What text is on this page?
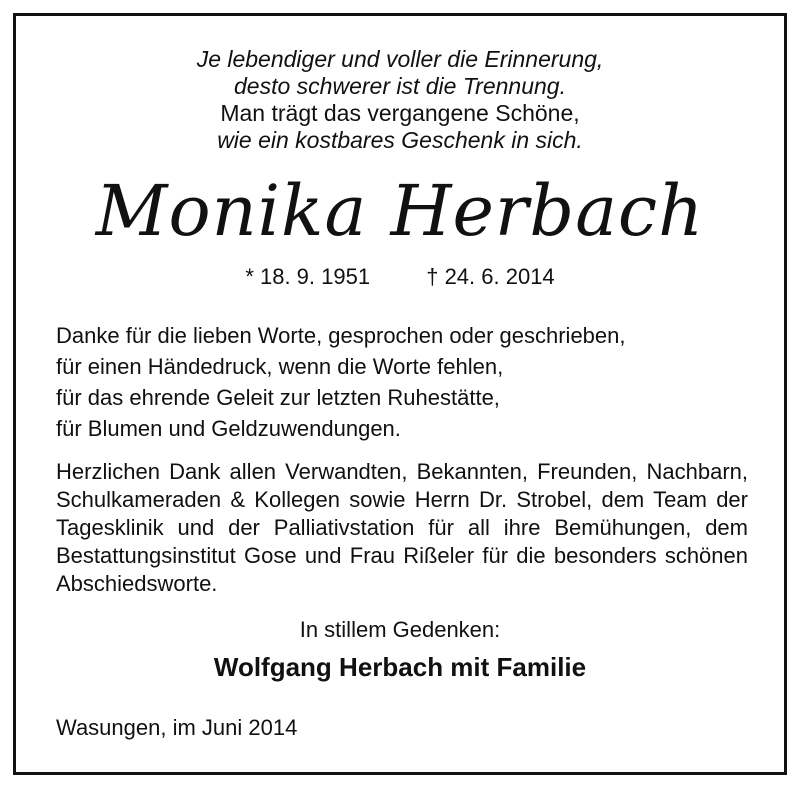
Je lebendiger und voller die Erinnerung,
desto schwerer ist die Trennung.
Man trägt das vergangene Schöne,
wie ein kostbares Geschenk in sich.
Monika Herbach
* 18. 9. 1951	† 24. 6. 2014
Danke für die lieben Worte, gesprochen oder geschrieben,
für einen Händedruck, wenn die Worte fehlen,
für das ehrende Geleit zur letzten Ruhestätte,
für Blumen und Geldzuwendungen.
Herzlichen Dank allen Verwandten, Bekannten, Freunden, Nachbarn, Schulkameraden & Kollegen sowie Herrn Dr. Strobel, dem Team der Tagesklinik und der Palliativstation für all ihre Bemühungen, dem Bestattungsinstitut Gose und Frau Rißeler für die besonders schönen Abschiedsworte.
In stillem Gedenken:
Wolfgang Herbach mit Familie
Wasungen, im Juni 2014
